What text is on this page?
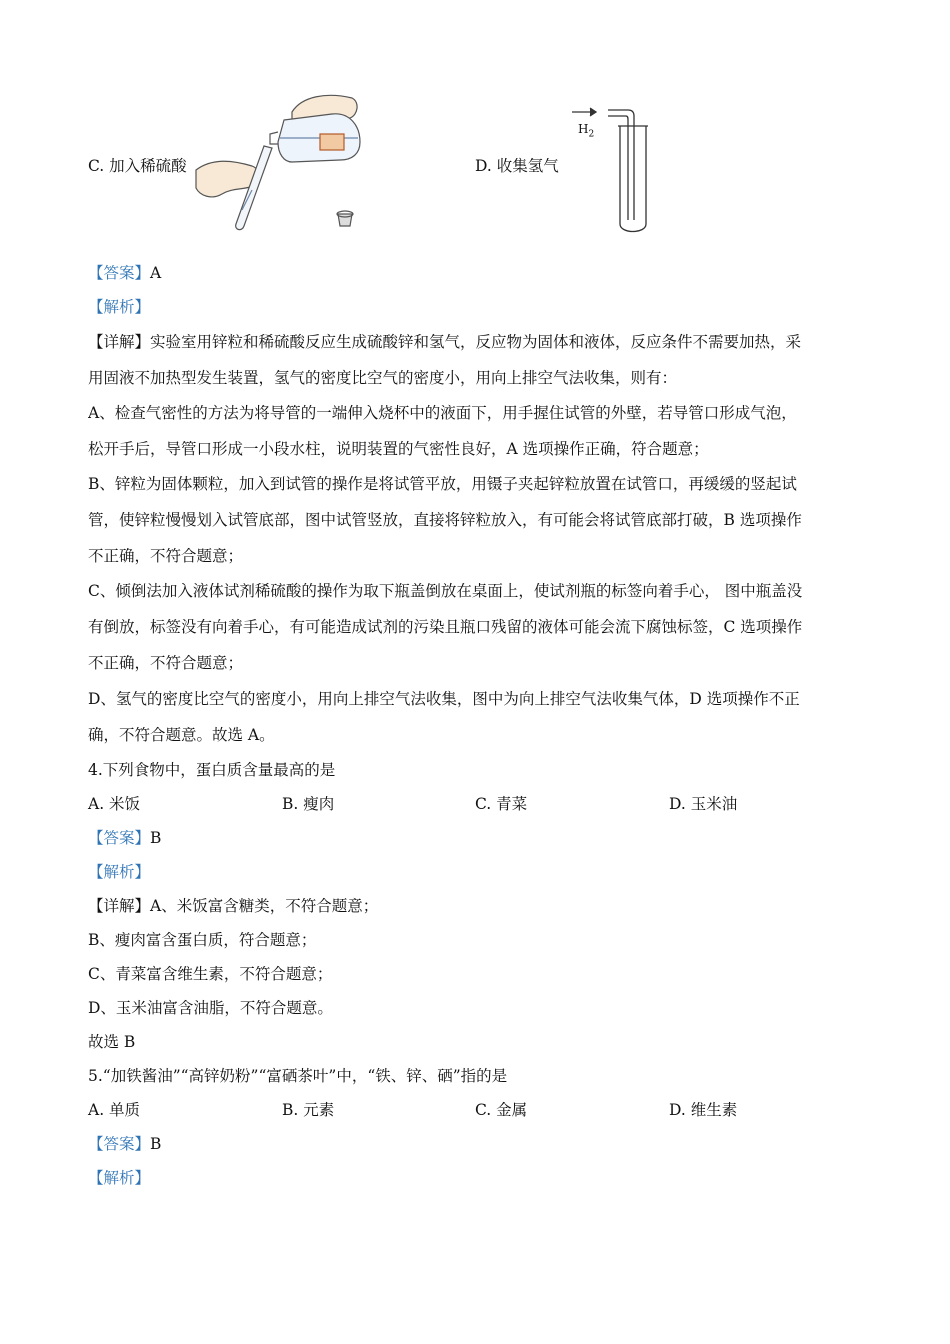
C. 加入稀硫酸	D. 收集氢气
$H_2$
【答案】A
【解析】
【详解】实验室用锌粒和稀硫酸反应生成硫酸锌和氢气，反应物为固体和液体，反应条件不需要加热，采
用固液不加热型发生装置，氢气的密度比空气的密度小，用向上排空气法收集，则有：
A、检查气密性的方法为将导管的一端伸入烧杯中的液面下，用手握住试管的外壁，若导管口形成气泡，
松开手后，导管口形成一小段水柱，说明装置的气密性良好，A 选项操作正确，符合题意；
B、锌粒为固体颗粒，加入到试管的操作是将试管平放，用镊子夹起锌粒放置在试管口，再缓缓的竖起试
管，使锌粒慢慢划入试管底部，图中试管竖放，直接将锌粒放入，有可能会将试管底部打破，B 选项操作
不正确，不符合题意；
C、倾倒法加入液体试剂稀硫酸的操作为取下瓶盖倒放在桌面上，使试剂瓶的标签向着手心， 图中瓶盖没
有倒放，标签没有向着手心，有可能造成试剂的污染且瓶口残留的液体可能会流下腐蚀标签，C 选项操作
不正确，不符合题意；
D、氢气的密度比空气的密度小，用向上排空气法收集，图中为向上排空气法收集气体，D 选项操作不正
确，不符合题意。故选 A。
4.下列食物中，蛋白质含量最高的是
A. 米饭	B. 瘦肉	C. 青菜	D. 玉米油
【答案】B
【解析】
【详解】A、米饭富含糖类，不符合题意；
B、瘦肉富含蛋白质，符合题意；
C、青菜富含维生素，不符合题意；
D、玉米油富含油脂，不符合题意。
故选 B
5.“加铁酱油”“高锌奶粉”“富硒茶叶”中，“铁、锌、硒”指的是
A. 单质	B. 元素	C. 金属	D. 维生素
【答案】B
【解析】
